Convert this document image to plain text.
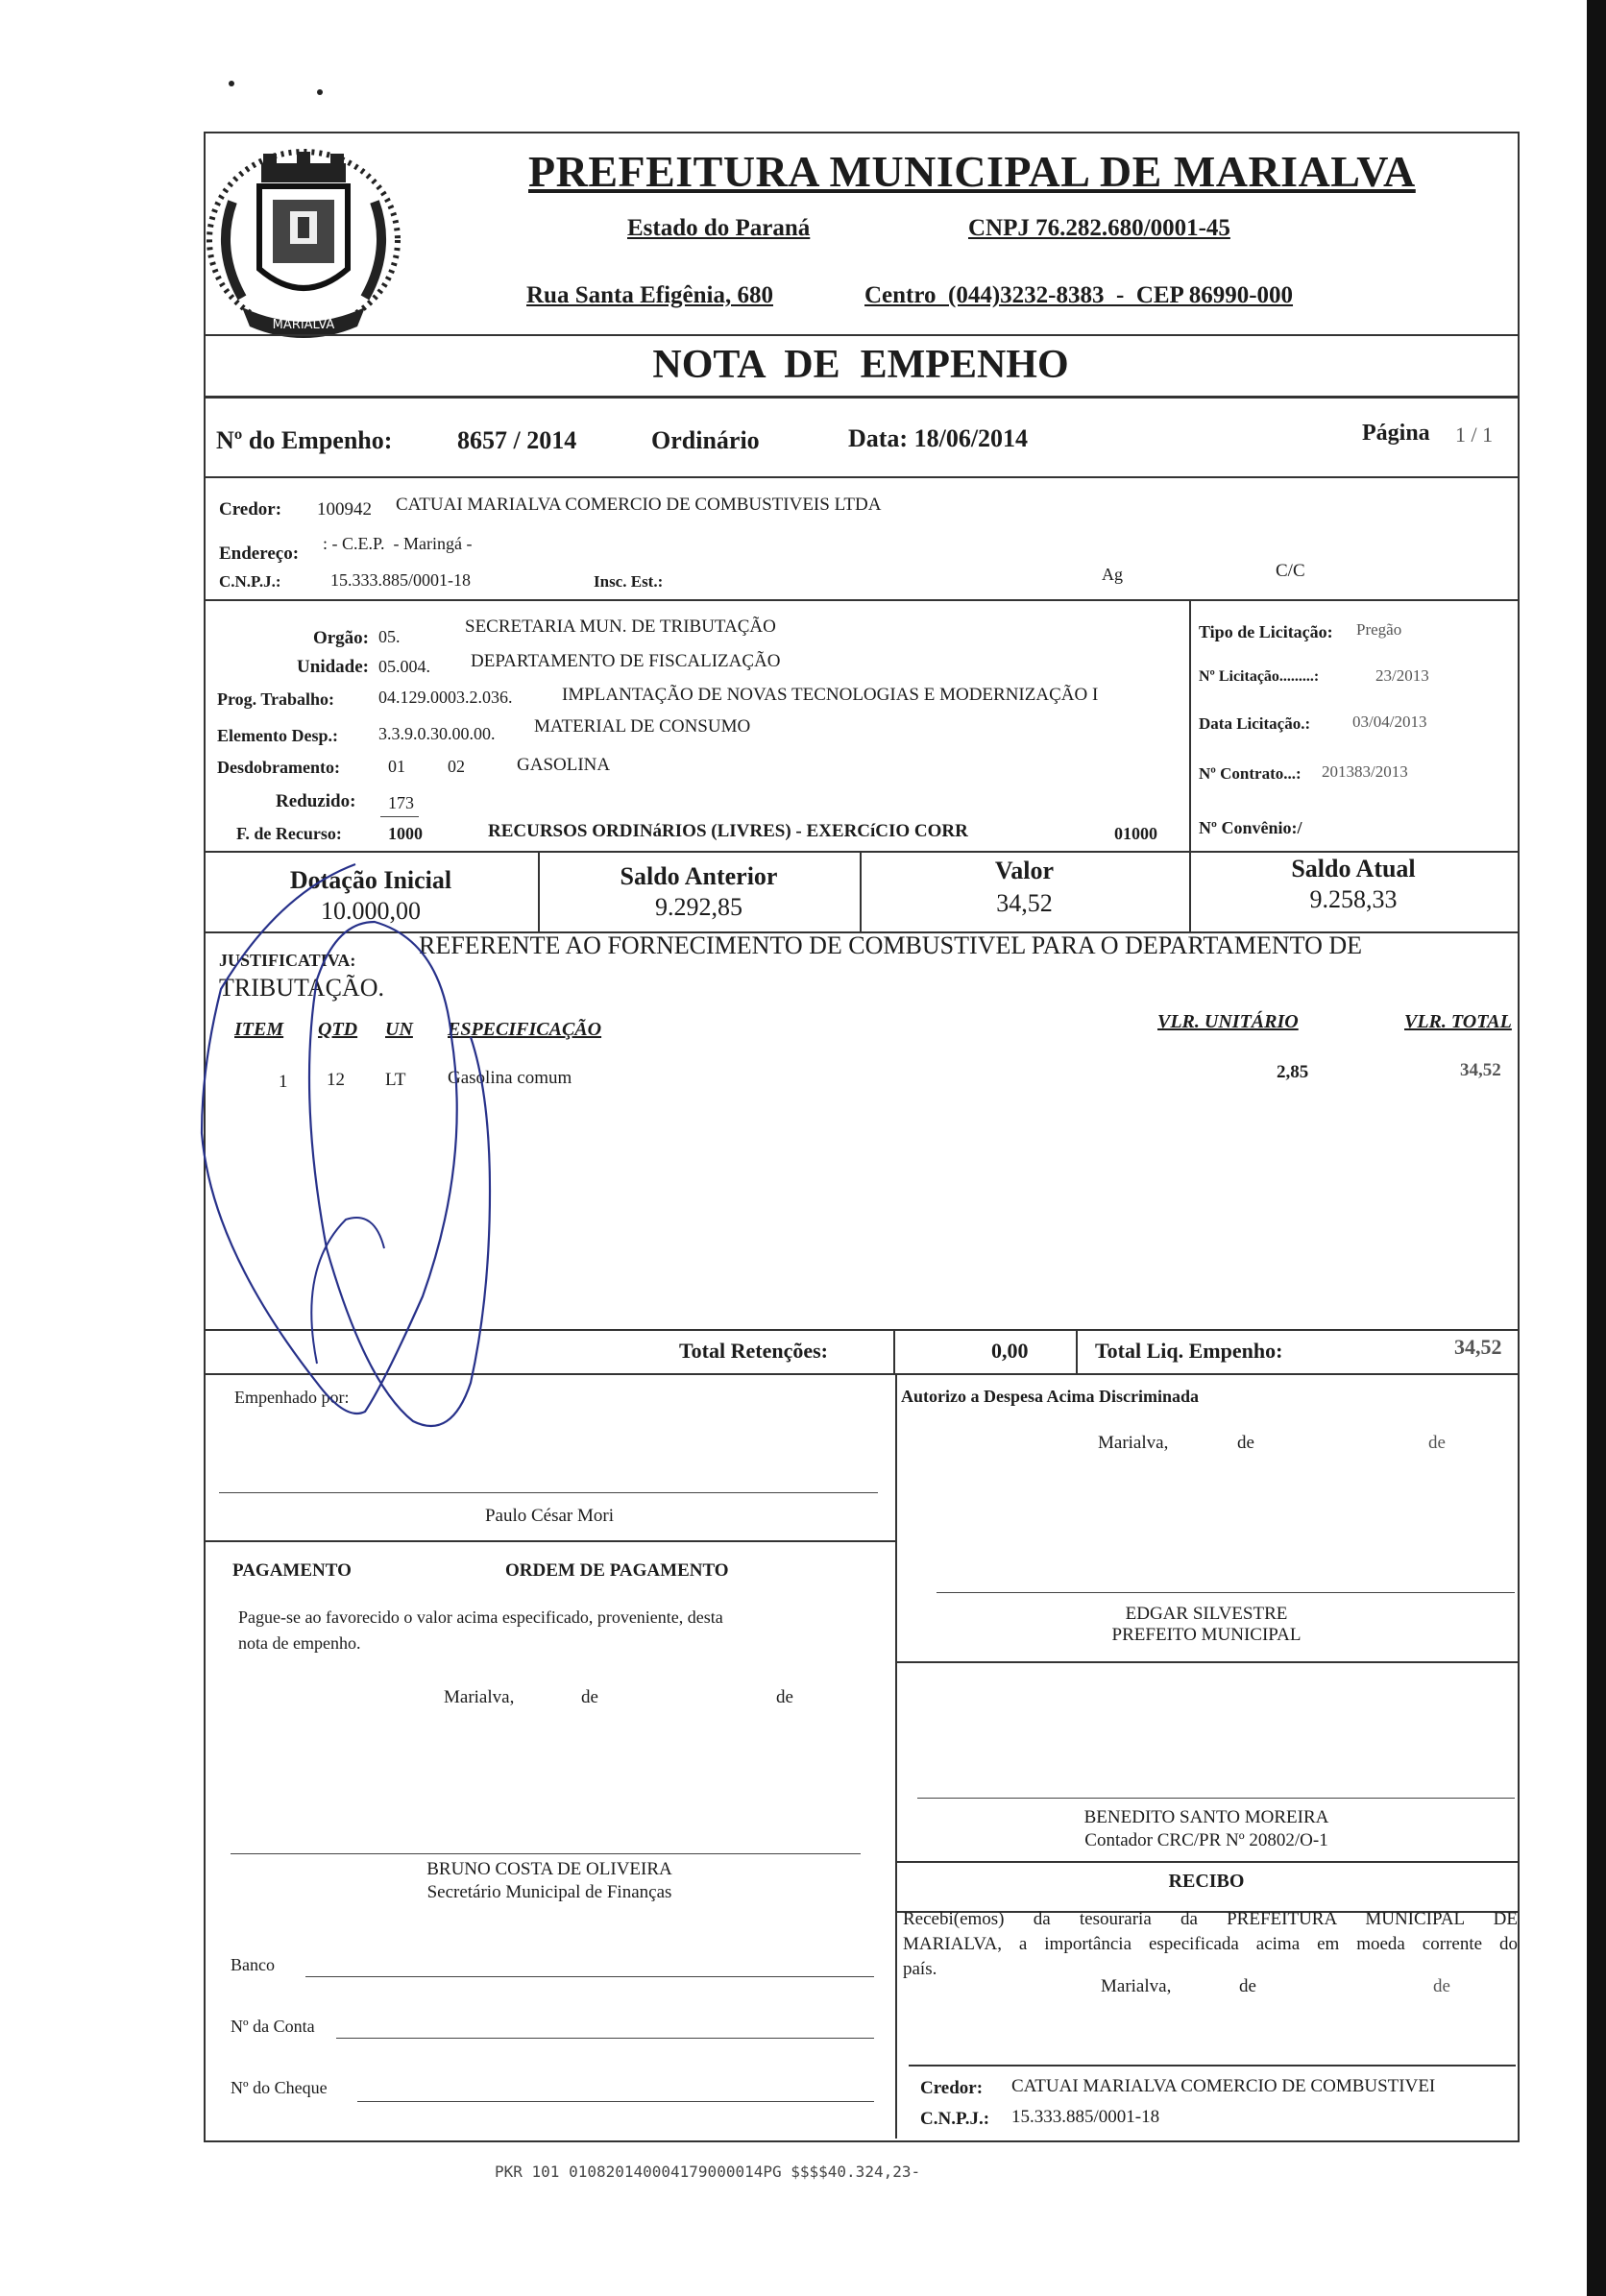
MARIALVA
PREFEITURA MUNICIPAL DE MARIALVA
Estado do Paraná	CNPJ 76.282.680/0001-45
Rua Santa Efigênia, 680	Centro  (044)3232-8383  -  CEP 86990-000
NOTA  DE  EMPENHO
Nº do Empenho:	8657 / 2014	Ordinário	Data: 18/06/2014	Página 1 / 1
Credor: 100942 CATUAI MARIALVA COMERCIO DE COMBUSTIVEIS LTDA
Endereço: : - C.E.P.  - Maringá -
C.N.P.J.:	15.333.885/0001-18	Insc. Est.:	Ag	C/C
Orgão: 05.	SECRETARIA MUN. DE TRIBUTAÇÃO
Unidade: 05.004. DEPARTAMENTO DE FISCALIZAÇÃO
Prog. Trabalho:	04.129.0003.2.036.	IMPLANTAÇÃO DE NOVAS TECNOLOGIAS E MODERNIZAÇÃO I
Elemento Desp.: 3.3.9.0.30.00.00. MATERIAL DE CONSUMO
Desdobramento:	01 02	GASOLINA
Reduzido: 173
F. de Recurso:	1000	RECURSOS ORDINáRIOS (LIVRES) - EXERCíCIO CORR	01000
Tipo de Licitação: Pregão
Nº Licitação.........:	23/2013
Data Licitação.:	03/04/2013
Nº Contrato...: 201383/2013
Nº Convênio:/
Dotação Inicial
10.000,00
Saldo Anterior
9.292,85
Valor
34,52
Saldo Atual
9.258,33
JUSTIFICATIVA:
REFERENTE AO FORNECIMENTO DE COMBUSTIVEL PARA O DEPARTAMENTO DE
TRIBUTAÇÃO.
ITEM QTD UN ESPECIFICAÇÃO	VLR. UNITÁRIO	VLR. TOTAL
1 12 LT Gasolina comum	2,85	34,52
Total Retenções:	0,00	Total Liq. Empenho:	34,52
Empenhado por:
Paulo César Mori
Autorizo a Despesa Acima Discriminada
Marialva,	de	de
EDGAR SILVESTRE
PREFEITO MUNICIPAL
PAGAMENTO	ORDEM DE PAGAMENTO
Pague-se ao favorecido o valor acima especificado, proveniente, desta
nota de empenho.
Marialva,	de	de
BRUNO COSTA DE OLIVEIRA
Secretário Municipal de Finanças
BENEDITO SANTO MOREIRA
Contador CRC/PR Nº 20802/O-1
RECIBO
Recebi(emos) da tesouraria da PREFEITURA MUNICIPAL DE
MARIALVA, a importância especificada acima em moeda corrente do
país.
Marialva,	de	de
Credor: CATUAI MARIALVA COMERCIO DE COMBUSTIVEI
C.N.P.J.: 15.333.885/0001-18
Banco
Nº da Conta
Nº do Cheque
PKR 101 010820140004179000014PG $$$$40.324,23-
